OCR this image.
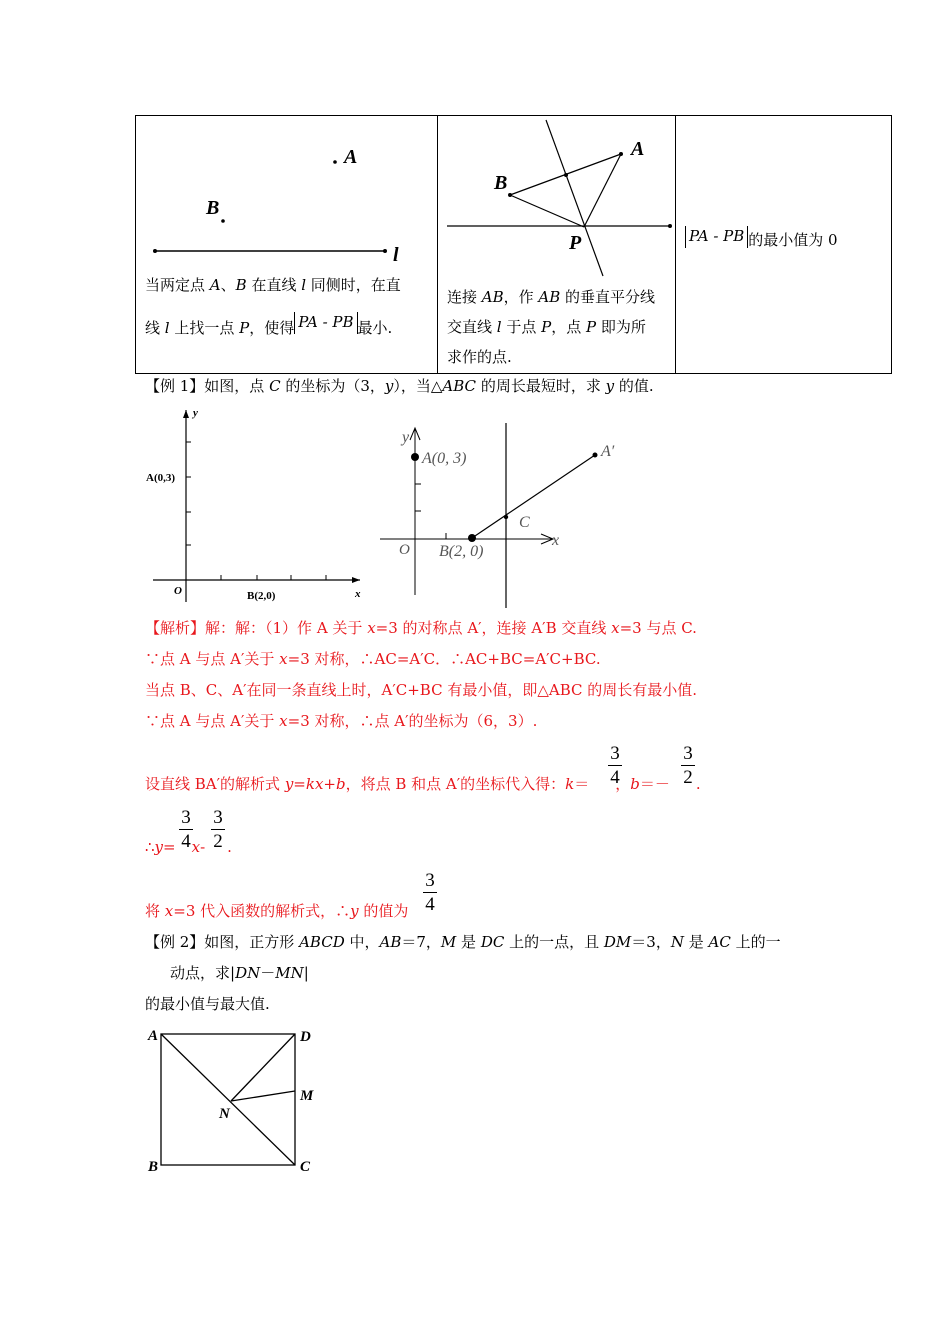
A
B
l
当两定点 A、B 在直线 l 同侧时，在直
线 l 上找一点 P，使得 PA - PB 最小.

A
B
P
连接 AB，作 AB 的垂直平分线
交直线 l 于点 P，点 P 即为所
求作的点.

PA - PB 的最小值为 0
【例 1】如图，点 C 的坐标为（3，y），当△ABC 的周长最短时，求 y 的值.
y
x
O
A(0,3)
B(2,0)
y
x
O
A(0, 3)
B(2, 0)
C
A′
【解析】解：解：（1）作 A 关于 x=3 的对称点 A′，连接 A′B 交直线 x=3 与点 C.
∵点 A 与点 A′关于 x=3 对称，∴AC=A′C．∴AC+BC=A′C+BC.
当点 B、C、A′在同一条直线上时，A′C+BC 有最小值，即△ABC 的周长有最小值.
∵点 A 与点 A′关于 x=3 对称，∴点 A′的坐标为（6，3）.
设直线 BA′的解析式 y=kx+b，将点 B 和点 A′的坐标代入得：k＝ ，b＝－ .
3
4
3
2
∴y= x- .
3
4
3
2
将 x=3 代入函数的解析式，∴y 的值为
3
4
【例 2】如图，正方形 ABCD 中，AB＝7，M 是 DC 上的一点，且 DM＝3，N 是 AC 上的一
动点，求|DN－MN|
的最小值与最大值.
A	D
M
N
B	C
